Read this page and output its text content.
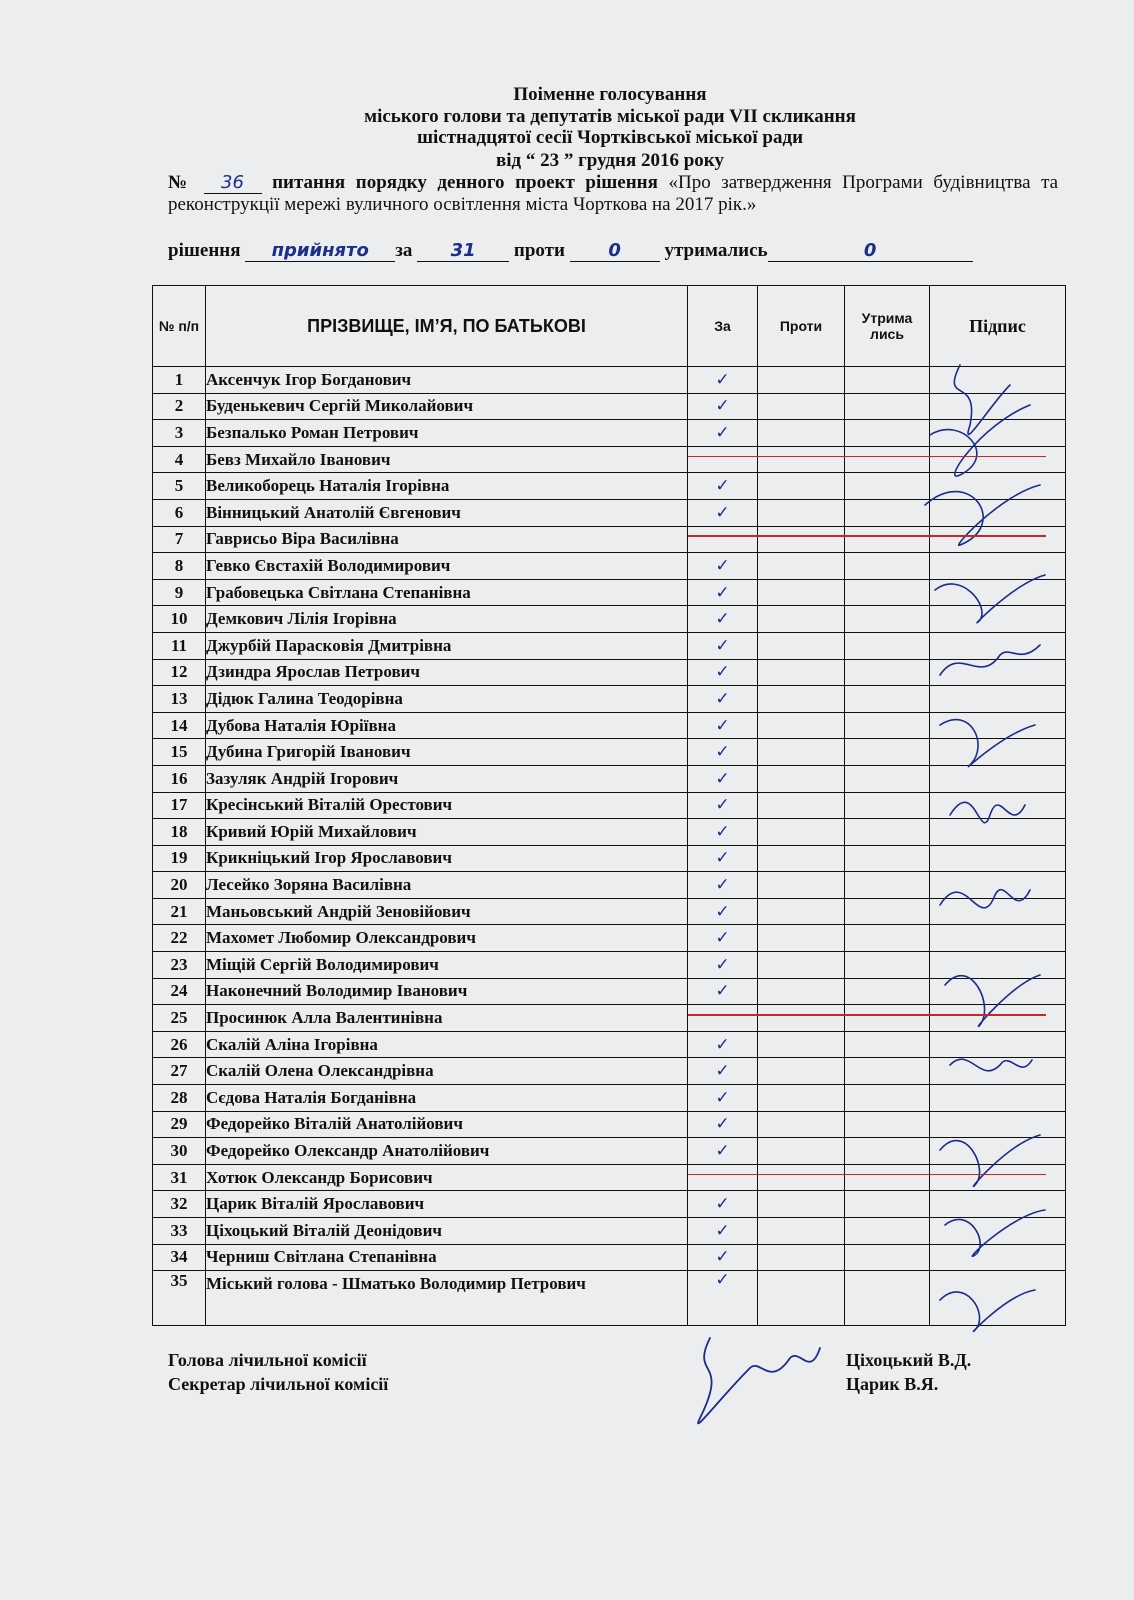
Поіменне голосування
міського голови та депутатів міської ради VII скликання
шістнадцятої сесії Чортківської міської ради
від “ 23 ” грудня 2016 року
№ 36 питання порядку денного проект рішення «Про затвердження Програми будівництва та реконструкції мережі вуличного освітлення міста Чорткова на 2017 рік.»
рішення прийнято за 31 проти 0 утримались	0
№ п/п	ПРІЗВИЩЕ, ІМ’Я, ПО БАТЬКОВІ	За	Проти	Утрима лись	Підпис
1	Аксенчук Ігор Богданович	✓			
2	Буденькевич Сергій Миколайович	✓			
3	Безпалько Роман Петрович	✓			
4	Бевз Михайло Іванович				
5	Великоборець Наталія Ігорівна	✓			
6	Вінницький Анатолій Євгенович	✓			
7	Гаврисьо Віра Василівна				
8	Гевко Євстахій Володимирович	✓			
9	Грабовецька Світлана Степанівна	✓			
10	Демкович Лілія Ігорівна	✓			
11	Джурбій Параскoвія Дмитрівна	✓			
12	Дзиндра Ярослав Петрович	✓			
13	Дідюк Галина Теодорівна	✓			
14	Дубова Наталія Юріївна	✓			
15	Дубина Григорій Іванович	✓			
16	Зазуляк Андрій Ігорович	✓			
17	Кресінський Віталій Орестович	✓			
18	Кривий Юрій Михайлович	✓			
19	Крикніцький Ігор Ярославович	✓			
20	Лесейко Зоряна Василівна	✓			
21	Маньовський Андрій Зеновійович	✓			
22	Махомет Любомир Олександрович	✓			
23	Міщій Сергій Володимирович	✓			
24	Наконечний Володимир Іванович	✓			
25	Просинюк Алла Валентинівна				
26	Скалій Аліна Ігорівна	✓			
27	Скалій Олена Олександрівна	✓			
28	Сєдова Наталія Богданівна	✓			
29	Федорейко Віталій Анатолійович	✓			
30	Федорейко Олександр Анатолійович	✓			
31	Хотюк Олександр Борисович				
32	Царик Віталій Ярославович	✓			
33	Ціхоцький Віталій Деонідович	✓			
34	Черниш Світлана Степанівна	✓			
35	Міський голова - Шматько Володимир Петрович	✓			
Голова лічильної комісії
Секретар лічильної комісії
Ціхоцький В.Д.
Царик В.Я.
